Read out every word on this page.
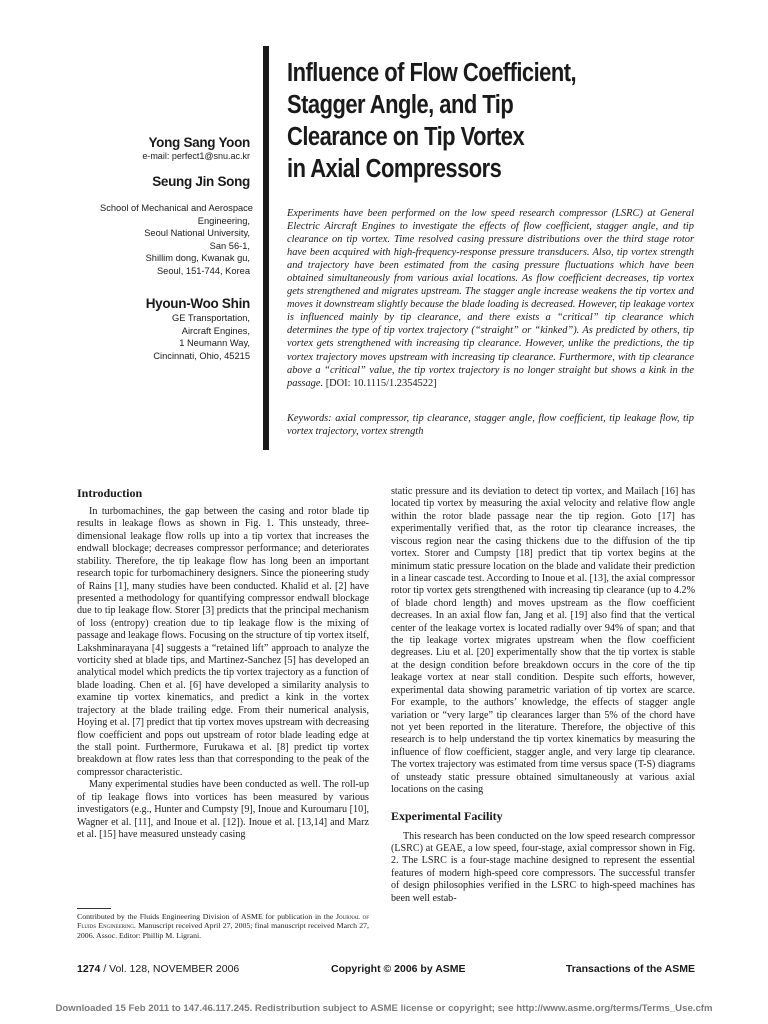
Influence of Flow Coefficient,
Stagger Angle, and Tip
Clearance on Tip Vortex
in Axial Compressors
Yong Sang Yoon
e-mail: perfect1@snu.ac.kr
Seung Jin Song
School of Mechanical and Aerospace
Engineering,
Seoul National University,
San 56-1,
Shillim dong, Kwanak gu,
Seoul, 151-744, Korea
Hyoun-Woo Shin
GE Transportation,
Aircraft Engines,
1 Neumann Way,
Cincinnati, Ohio, 45215
Experiments have been performed on the low speed research compressor (LSRC) at General Electric Aircraft Engines to investigate the effects of flow coefficient, stagger angle, and tip clearance on tip vortex. Time resolved casing pressure distributions over the third stage rotor have been acquired with high-frequency-response pressure transducers. Also, tip vortex strength and trajectory have been estimated from the casing pressure fluctuations which have been obtained simultaneously from various axial locations. As flow coefficient decreases, tip vortex gets strengthened and migrates upstream. The stagger angle increase weakens the tip vortex and moves it downstream slightly because the blade loading is decreased. However, tip leakage vortex is influenced mainly by tip clearance, and there exists a “critical” tip clearance which determines the type of tip vortex trajectory (“straight” or “kinked”). As predicted by others, tip vortex gets strengthened with increasing tip clearance. However, unlike the predictions, the tip vortex trajectory moves upstream with increasing tip clearance. Furthermore, with tip clearance above a “critical” value, the tip vortex trajectory is no longer straight but shows a kink in the passage. [DOI: 10.1115/1.2354522]
Keywords: axial compressor, tip clearance, stagger angle, flow coefficient, tip leakage flow, tip vortex trajectory, vortex strength
Introduction

In turbomachines, the gap between the casing and rotor blade tip results in leakage flows as shown in Fig. 1. This unsteady, three-dimensional leakage flow rolls up into a tip vortex that increases the endwall blockage; decreases compressor performance; and deteriorates stability. Therefore, the tip leakage flow has long been an important research topic for turbomachinery designers. Since the pioneering study of Rains [1], many studies have been conducted. Khalid et al. [2] have presented a methodology for quantifying compressor endwall blockage due to tip leakage flow. Storer [3] predicts that the principal mechanism of loss (entropy) creation due to tip leakage flow is the mixing of passage and leakage flows. Focusing on the structure of tip vortex itself, Lakshminarayana [4] suggests a “retained lift” approach to analyze the vorticity shed at blade tips, and Martinez-Sanchez [5] has developed an analytical model which predicts the tip vortex trajectory as a function of blade loading. Chen et al. [6] have developed a similarity analysis to examine tip vortex kinematics, and predict a kink in the vortex trajectory at the blade trailing edge. From their numerical analysis, Hoying et al. [7] predict that tip vortex moves upstream with decreasing flow coefficient and pops out upstream of rotor blade leading edge at the stall point. Furthermore, Furukawa et al. [8] predict tip vortex breakdown at flow rates less than that corresponding to the peak of the compressor characteristic.

Many experimental studies have been conducted as well. The roll-up of tip leakage flows into vortices has been measured by various investigators (e.g., Hunter and Cumpsty [9], Inoue and Kuroumaru [10], Wagner et al. [11], and Inoue et al. [12]). Inoue et al. [13,14] and Marz et al. [15] have measured unsteady casing

static pressure and its deviation to detect tip vortex, and Mailach [16] has located tip vortex by measuring the axial velocity and relative flow angle within the rotor blade passage near the tip region. Goto [17] has experimentally verified that, as the rotor tip clearance increases, the viscous region near the casing thickens due to the diffusion of the tip vortex. Storer and Cumpsty [18] predict that tip vortex begins at the minimum static pressure location on the blade and validate their prediction in a linear cascade test. According to Inoue et al. [13], the axial compressor rotor tip vortex gets strengthened with increasing tip clearance (up to 4.2% of blade chord length) and moves upstream as the flow coefficient decreases. In an axial flow fan, Jang et al. [19] also find that the vertical center of the leakage vortex is located radially over 94% of span; and that the tip leakage vortex migrates upstream when the flow coefficient degreases. Liu et al. [20] experimentally show that the tip vortex is stable at the design condition before breakdown occurs in the core of the tip leakage vortex at near stall condition. Despite such efforts, however, experimental data showing parametric variation of tip vortex are scarce. For example, to the authors’ knowledge, the effects of stagger angle variation or “very large” tip clearances larger than 5% of the chord have not yet been reported in the literature. Therefore, the objective of this research is to help understand the tip vortex kinematics by measuring the influence of flow coefficient, stagger angle, and very large tip clearance. The vortex trajectory was estimated from time versus space (T-S) diagrams of unsteady static pressure obtained simultaneously at various axial locations on the casing

Experimental Facility

This research has been conducted on the low speed research compressor (LSRC) at GEAE, a low speed, four-stage, axial compressor shown in Fig. 2. The LSRC is a four-stage machine designed to represent the essential features of modern high-speed core compressors. The successful transfer of design philosophies verified in the LSRC to high-speed machines has been well estab-

Contributed by the Fluids Engineering Division of ASME for publication in the Journal of Fluids Engineering. Manuscript received April 27, 2005; final manuscript received March 27, 2006. Assoc. Editor: Phillip M. Ligrani.
1274 / Vol. 128, NOVEMBER 2006	Copyright © 2006 by ASME	Transactions of the ASME
Downloaded 15 Feb 2011 to 147.46.117.245. Redistribution subject to ASME license or copyright; see http://www.asme.org/terms/Terms_Use.cfm
